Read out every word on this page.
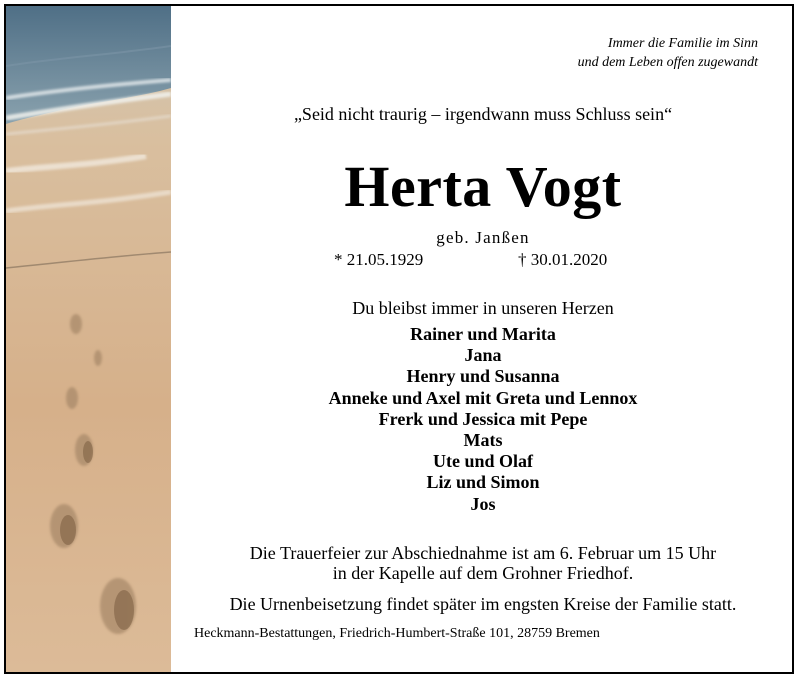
Immer die Familie im Sinn
und dem Leben offen zugewandt
„Seid nicht traurig – irgendwann muss Schluss sein“
Herta Vogt
geb. Janßen
* 21.05.1929	† 30.01.2020
Du bleibst immer in unseren Herzen
Rainer und Marita
Jana
Henry und Susanna
Anneke und Axel mit Greta und Lennox
Frerk und Jessica mit Pepe
Mats
Ute und Olaf
Liz und Simon
Jos
Die Trauerfeier zur Abschiednahme ist am 6. Februar um 15 Uhr
in der Kapelle auf dem Grohner Friedhof.
Die Urnenbeisetzung findet später im engsten Kreise der Familie statt.
Heckmann-Bestattungen, Friedrich-Humbert-Straße 101, 28759 Bremen
